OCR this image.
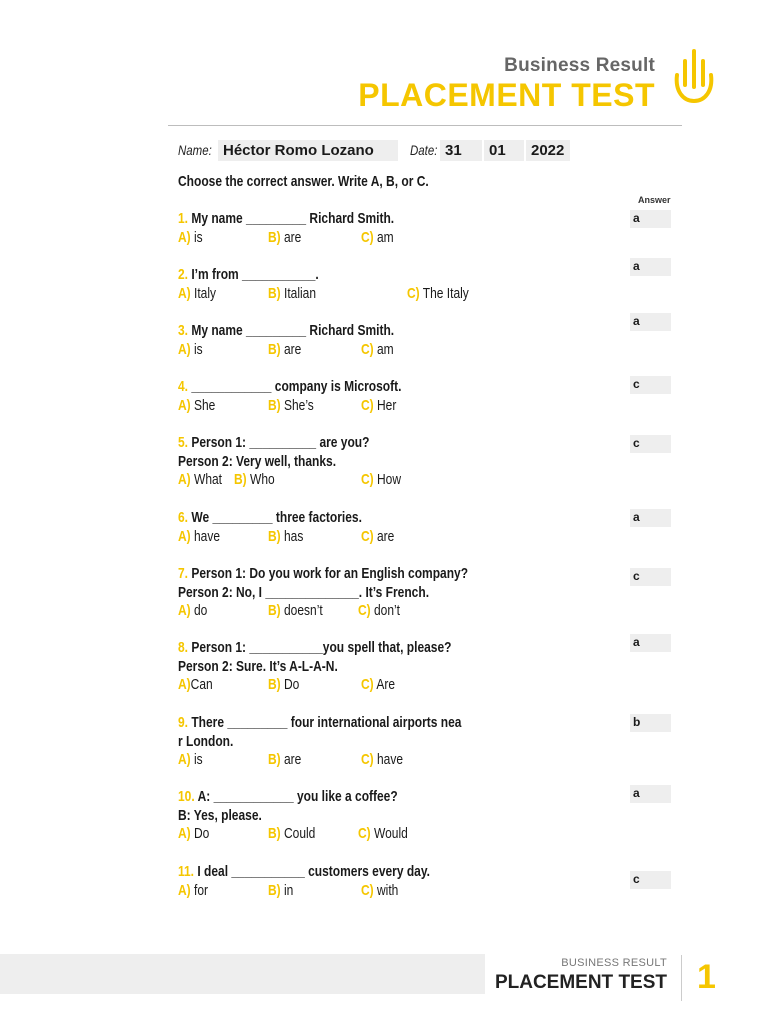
Business Result
PLACEMENT TEST
Name: Héctor Romo Lozano	Date: 31	01	2022
Choose the correct answer. Write A, B, or C.
Answer
1. My name _________ Richard Smith.
A) is	B) are	C) am
a
2. I’m from ___________.
A) Italy	B) Italian	C) The Italy
a
3. My name _________ Richard Smith.
A) is	B) are	C) am
a
4. ____________ company is Microsoft.
A) She	B) She’s	C) Her
c
5. Person 1: __________ are you?
Person 2: Very well, thanks.
A) What B) Who	C) How
c
6. We _________ three factories.
A) have	B) has	C) are
a
7. Person 1: Do you work for an English company?
Person 2: No, I ______________. It’s French.
A) do	B) doesn’t C) don’t
c
8. Person 1: ___________you spell that, please?
Person 2: Sure. It’s A-L-A-N.
A)Can	B) Do	C) Are
a
9. There _________ four international airports nea
r London.
A) is	B) are	C) have
b
10. A: ____________ you like a coffee?
B: Yes, please.
A) Do	B) Could	C) Would
a
11. I deal ___________ customers every day.
A) for	B) in	C) with
c
BUSINESS RESULT
PLACEMENT TEST 1
